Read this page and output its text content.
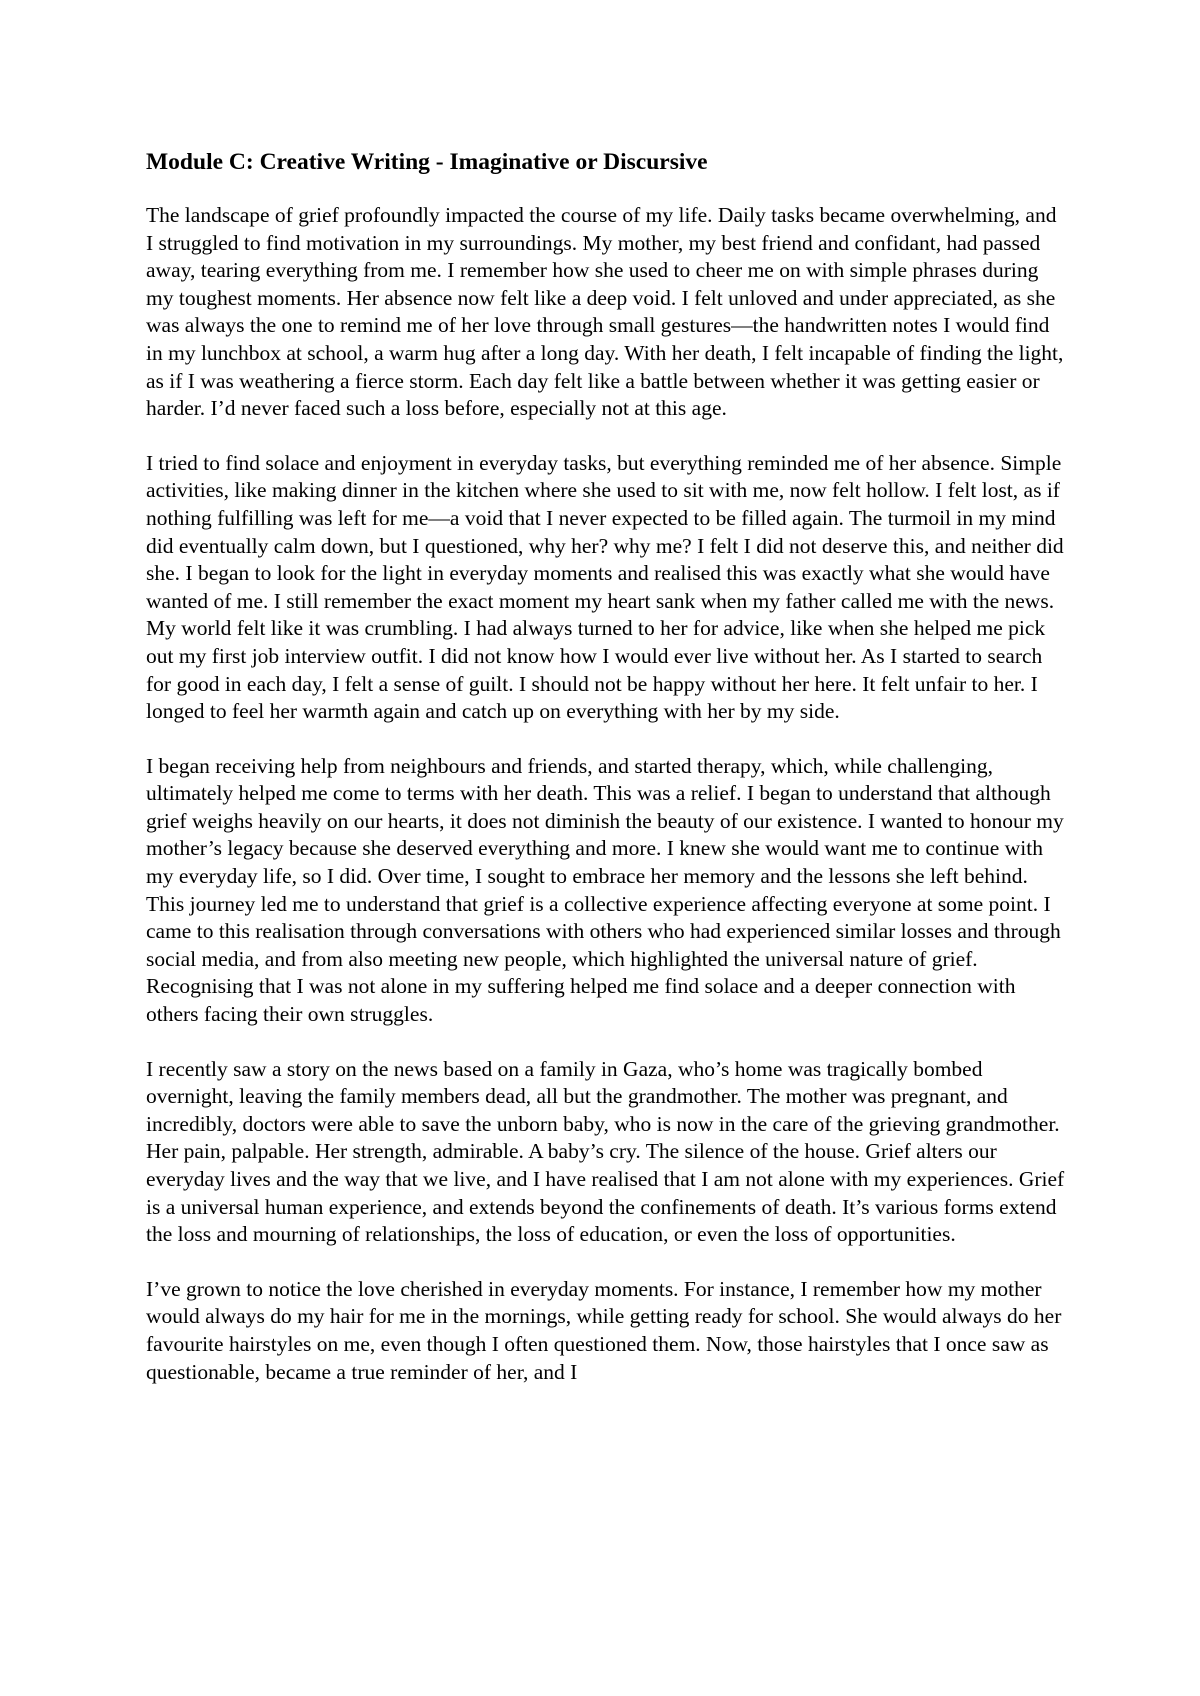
Module C: Creative Writing - Imaginative or Discursive

The landscape of grief profoundly impacted the course of my life. Daily tasks became overwhelming, and I struggled to find motivation in my surroundings. My mother, my best friend and confidant, had passed away, tearing everything from me. I remember how she used to cheer me on with simple phrases during my toughest moments. Her absence now felt like a deep void. I felt unloved and under appreciated, as she was always the one to remind me of her love through small gestures—the handwritten notes I would find in my lunchbox at school, a warm hug after a long day. With her death, I felt incapable of finding the light, as if I was weathering a fierce storm. Each day felt like a battle between whether it was getting easier or harder. I’d never faced such a loss before, especially not at this age.

I tried to find solace and enjoyment in everyday tasks, but everything reminded me of her absence. Simple activities, like making dinner in the kitchen where she used to sit with me, now felt hollow. I felt lost, as if nothing fulfilling was left for me—a void that I never expected to be filled again. The turmoil in my mind did eventually calm down, but I questioned, why her? why me? I felt I did not deserve this, and neither did she. I began to look for the light in everyday moments and realised this was exactly what she would have wanted of me. I still remember the exact moment my heart sank when my father called me with the news. My world felt like it was crumbling. I had always turned to her for advice, like when she helped me pick out my first job interview outfit. I did not know how I would ever live without her. As I started to search for good in each day, I felt a sense of guilt. I should not be happy without her here. It felt unfair to her. I longed to feel her warmth again and catch up on everything with her by my side.

I began receiving help from neighbours and friends, and started therapy, which, while challenging, ultimately helped me come to terms with her death. This was a relief. I began to understand that although grief weighs heavily on our hearts, it does not diminish the beauty of our existence. I wanted to honour my mother’s legacy because she deserved everything and more. I knew she would want me to continue with my everyday life, so I did. Over time, I sought to embrace her memory and the lessons she left behind. This journey led me to understand that grief is a collective experience affecting everyone at some point. I came to this realisation through conversations with others who had experienced similar losses and through social media, and from also meeting new people, which highlighted the universal nature of grief. Recognising that I was not alone in my suffering helped me find solace and a deeper connection with others facing their own struggles.

I recently saw a story on the news based on a family in Gaza, who’s home was tragically bombed overnight, leaving the family members dead, all but the grandmother. The mother was pregnant, and incredibly, doctors were able to save the unborn baby, who is now in the care of the grieving grandmother. Her pain, palpable. Her strength, admirable. A baby’s cry. The silence of the house. Grief alters our everyday lives and the way that we live, and I have realised that I am not alone with my experiences. Grief is a universal human experience, and extends beyond the confinements of death. It’s various forms extend the loss and mourning of relationships, the loss of education, or even the loss of opportunities.

I’ve grown to notice the love cherished in everyday moments. For instance, I remember how my mother would always do my hair for me in the mornings, while getting ready for school. She would always do her favourite hairstyles on me, even though I often questioned them. Now, those hairstyles that I once saw as questionable, became a true reminder of her, and I
